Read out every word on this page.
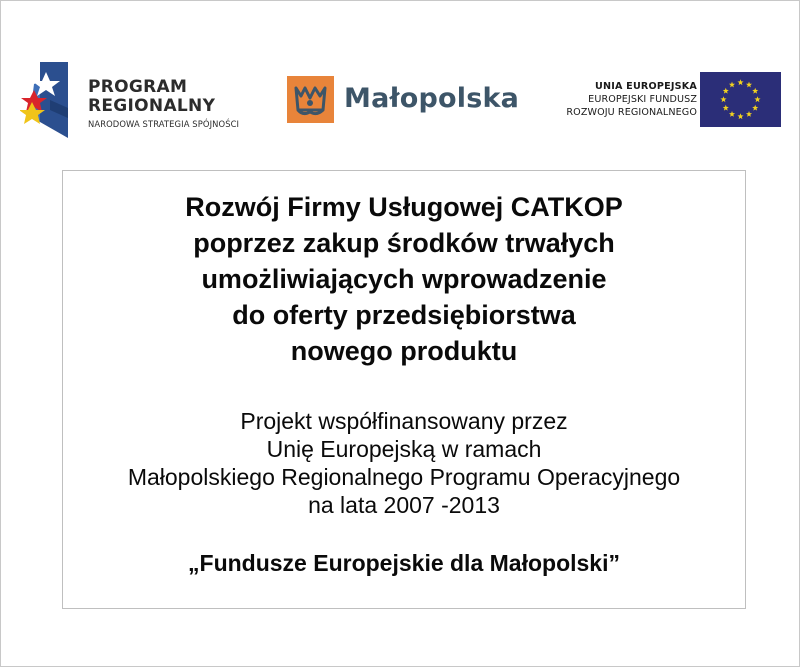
PROGRAM
REGIONALNY
NARODOWA STRATEGIA SPÓJNOŚCI
Małopolska	UNIA EUROPEJSKA
EUROPEJSKI FUNDUSZ
ROZWOJU REGIONALNEGO
Rozwój Firmy Usługowej CATKOP
poprzez zakup środków trwałych
umożliwiających wprowadzenie
do oferty przedsiębiorstwa
nowego produktu
Projekt współfinansowany przez
Unię Europejską w ramach
Małopolskiego Regionalnego Programu Operacyjnego
na lata 2007 -2013
„Fundusze Europejskie dla Małopolski”
